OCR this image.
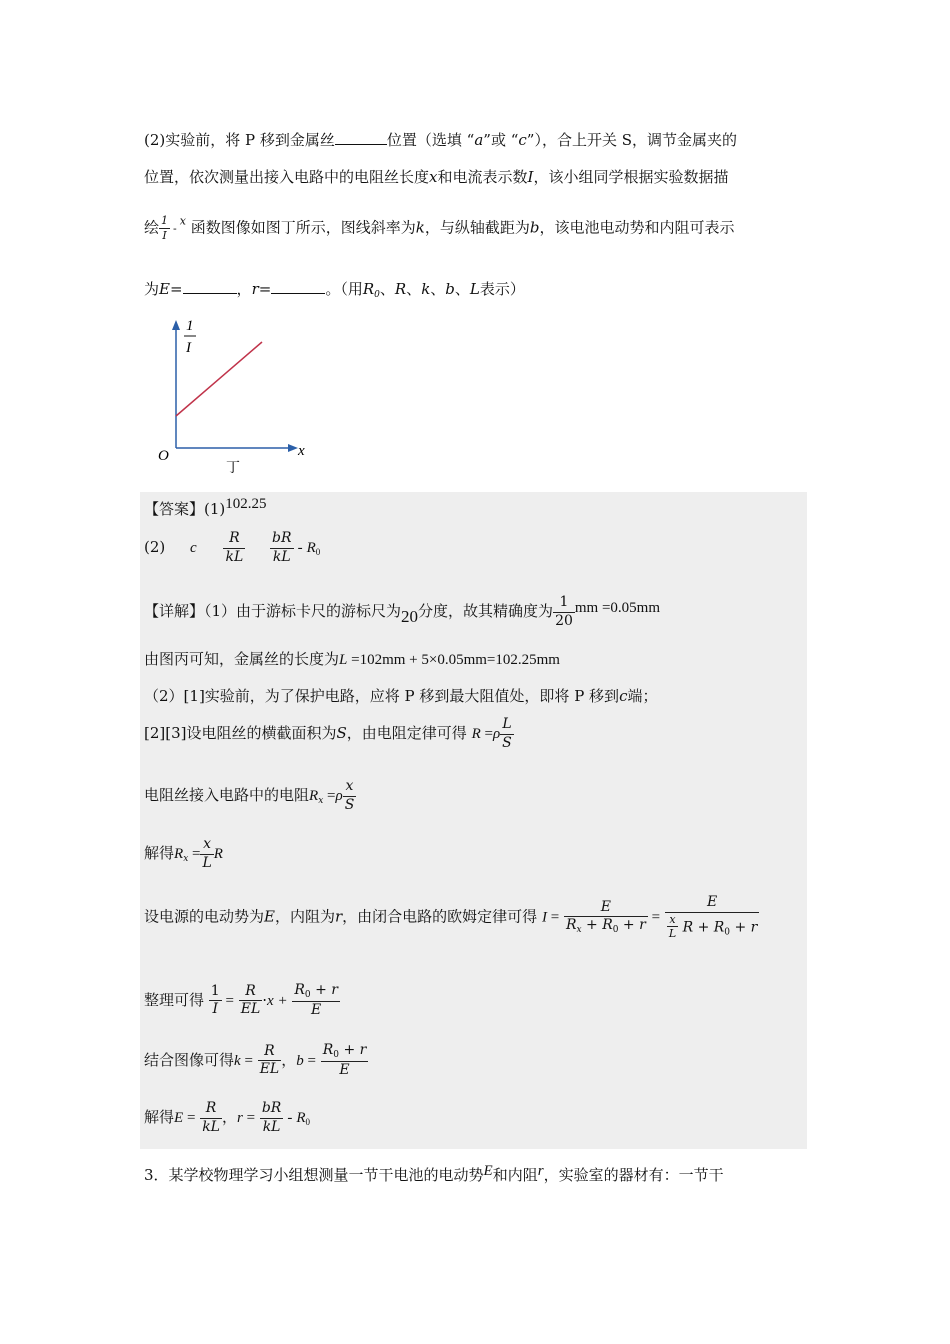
(2)实验前，将 P 移到金属丝	位置（选填 “a”或 “c”），合上开关 S，调节金属夹的
位置，依次测量出接入电路中的电阻丝长度x和电流表示数I，该小组同学根据实验数据描
绘 $\frac{1}{I} -^x$ 函数图像如图丁所示，图线斜率为k，与纵轴截距为b，该电池电动势和内阻可表示
为E=	，r=	。（用$R_0$、R、k、b、L表示）
1
I
x
O
丁
【答案】(1)102.25
(2) c $\frac{R}{kL}$
$\frac{bR}{kL} - R_0$
【详解】（1）由于游标卡尺的游标尺为20分度，故其精确度为 $\frac{1}{20}$ mm =0.05mm
由图丙可知，金属丝的长度为L =102mm + 5×0.05mm=102.25mm
（2）[1]实验前，为了保护电路，应将 P 移到最大阻值处，即将 P 移到c端；
[2][3]设电阻丝的横截面积为S，由电阻定律可得 $R =\rho \frac{L}{S}$
电阻丝接入电路中的电阻$R_x =\rho \frac{x}{S}$
解得$R_x = \frac{x}{L}$ R
设电源的电动势为E，内阻为r，由闭合电路的欧姆定律可得 $I = \frac{E}{R_x + R_0 + r} = \frac{E}{\frac{x}{L} R + R_0 + r}$
整理可得 $\frac{1}{I} = \frac{R}{EL} \cdot x + \frac{R_0 + r}{E}$
结合图像可得$k = \frac{R}{EL}$ ，$b = \frac{R_0 + r}{E}$
解得$E = \frac{R}{kL}$ ，$r = \frac{bR}{kL} - R_0$
3．某学校物理学习小组想测量一节干电池的电动势E和内阻r，实验室的器材有：一节干
